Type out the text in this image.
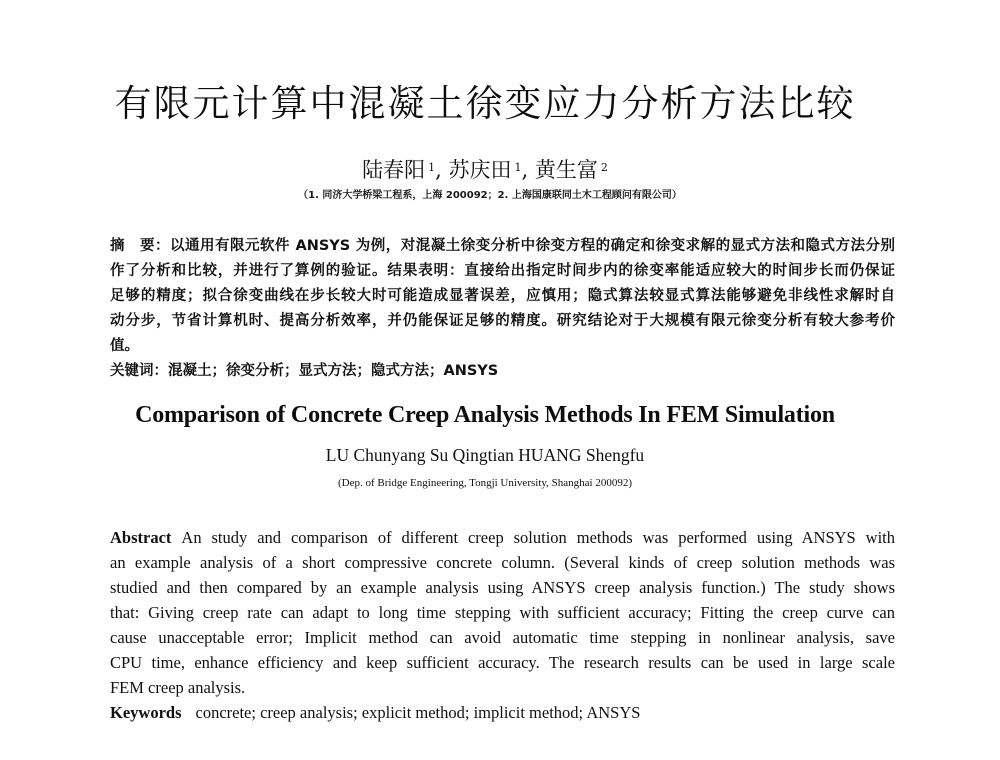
有限元计算中混凝土徐变应力分析方法比较
陆春阳 $^1$, 苏庆田 $^1$, 黄生富 $^2$
（1. 同济大学桥梁工程系，上海 200092；2. 上海国康联同土木工程顾问有限公司）
摘　要：以通用有限元软件 ANSYS 为例，对混凝土徐变分析中徐变方程的确定和徐变求解的显式方法和隐式方法分别
作了分析和比较，并进行了算例的验证。结果表明：直接给出指定时间步内的徐变率能适应较大的时间步长而仍保证
足够的精度；拟合徐变曲线在步长较大时可能造成显著误差，应慎用；隐式算法较显式算法能够避免非线性求解时自
动分步，节省计算机时、提高分析效率，并仍能保证足够的精度。研究结论对于大规模有限元徐变分析有较大参考价
值。
关键词：混凝土；徐变分析；显式方法；隐式方法；ANSYS
Comparison of Concrete Creep Analysis Methods In FEM Simulation
LU Chunyang Su Qingtian HUANG Shengfu
(Dep. of Bridge Engineering, Tongji University, Shanghai 200092)
Abstract An study and comparison of different creep solution methods was performed using ANSYS with
an example analysis of a short compressive concrete column. (Several kinds of creep solution methods was
studied and then compared by an example analysis using ANSYS creep analysis function.) The study shows
that: Giving creep rate can adapt to long time stepping with sufficient accuracy; Fitting the creep curve can
cause unacceptable error; Implicit method can avoid automatic time stepping in nonlinear analysis, save
CPU time, enhance efficiency and keep sufficient accuracy. The research results can be used in large scale
FEM creep analysis.
Keywords concrete; creep analysis; explicit method; implicit method; ANSYS
